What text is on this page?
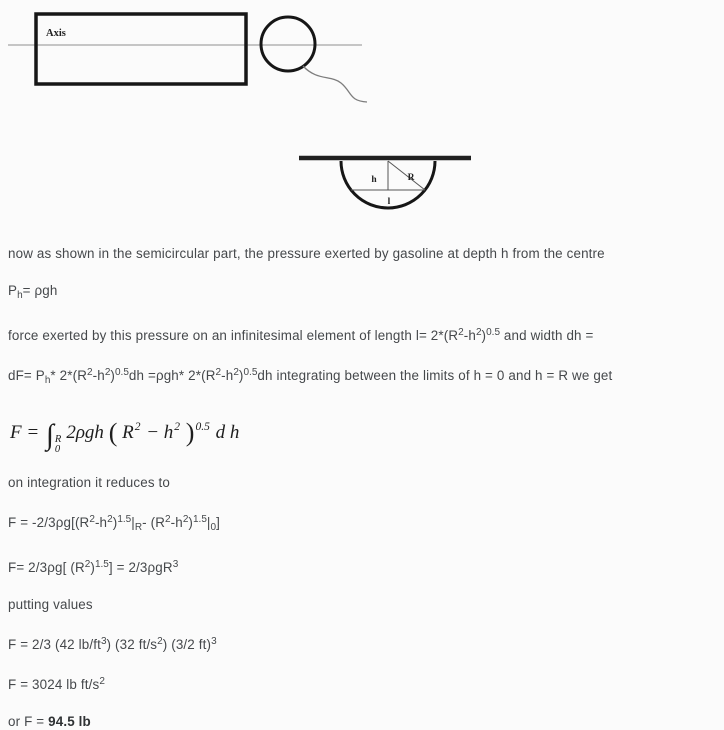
Axis
h	R
l
now as shown in the semicircular part, the pressure exerted by gasoline at depth h from the centre
$P_h= \rho gh$
force exerted by this pressure on an infinitesimal element of length $l= 2*(R^2-h^2)^{0.5}$ and width dh =
$dF= P_h*$ $2*(R^2-h^2)^{0.5}dh =\rho gh*$ $2*(R^2-h^2)^{0.5}dh$ integrating between the limits of h = 0 and h = R we get
F = ∫ R
0
2ρgh ( $R^2 - h^2$ )$^{0.5}$ d h
on integration it reduces to
$F = -2/3\rho g[(R^2-h^2)^{1.5}|_R-$ $(R^2-h^2)^{1.5}|_0$]
F= 2/3ρg[ $(R^2)^{1.5}] = 2/3\rho gR^3$
putting values
F = 2/3 (42 $lb/ft^3$) (32 $ft/s^2$) (3/2 ft)$^3$
F = 3024 lb $ft/s^2$
or F = 94.5 lb
